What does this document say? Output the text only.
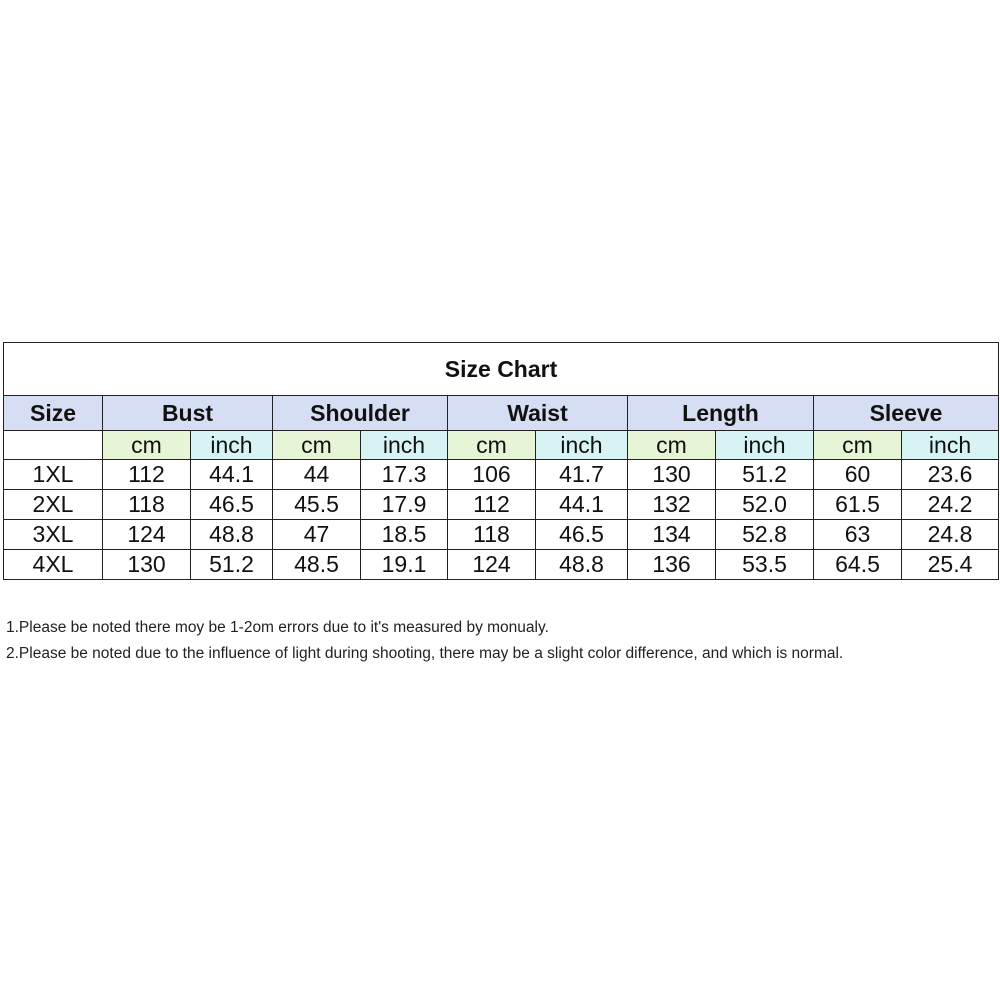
Size Chart										
Size	Bust		Shoulder		Waist		Length		Sleeve	
	cm	inch	cm	inch	cm	inch	cm	inch	cm	inch
1XL	112	44.1	44	17.3	106	41.7	130	51.2	60	23.6
2XL	118	46.5	45.5	17.9	112	44.1	132	52.0	61.5	24.2
3XL	124	48.8	47	18.5	118	46.5	134	52.8	63	24.8
4XL	130	51.2	48.5	19.1	124	48.8	136	53.5	64.5	25.4

1.Please be noted there moy be 1-2om errors due to it's measured by monualy.

2.Please be noted due to the influence of light during shooting, there may be a slight color difference, and which is normal.
